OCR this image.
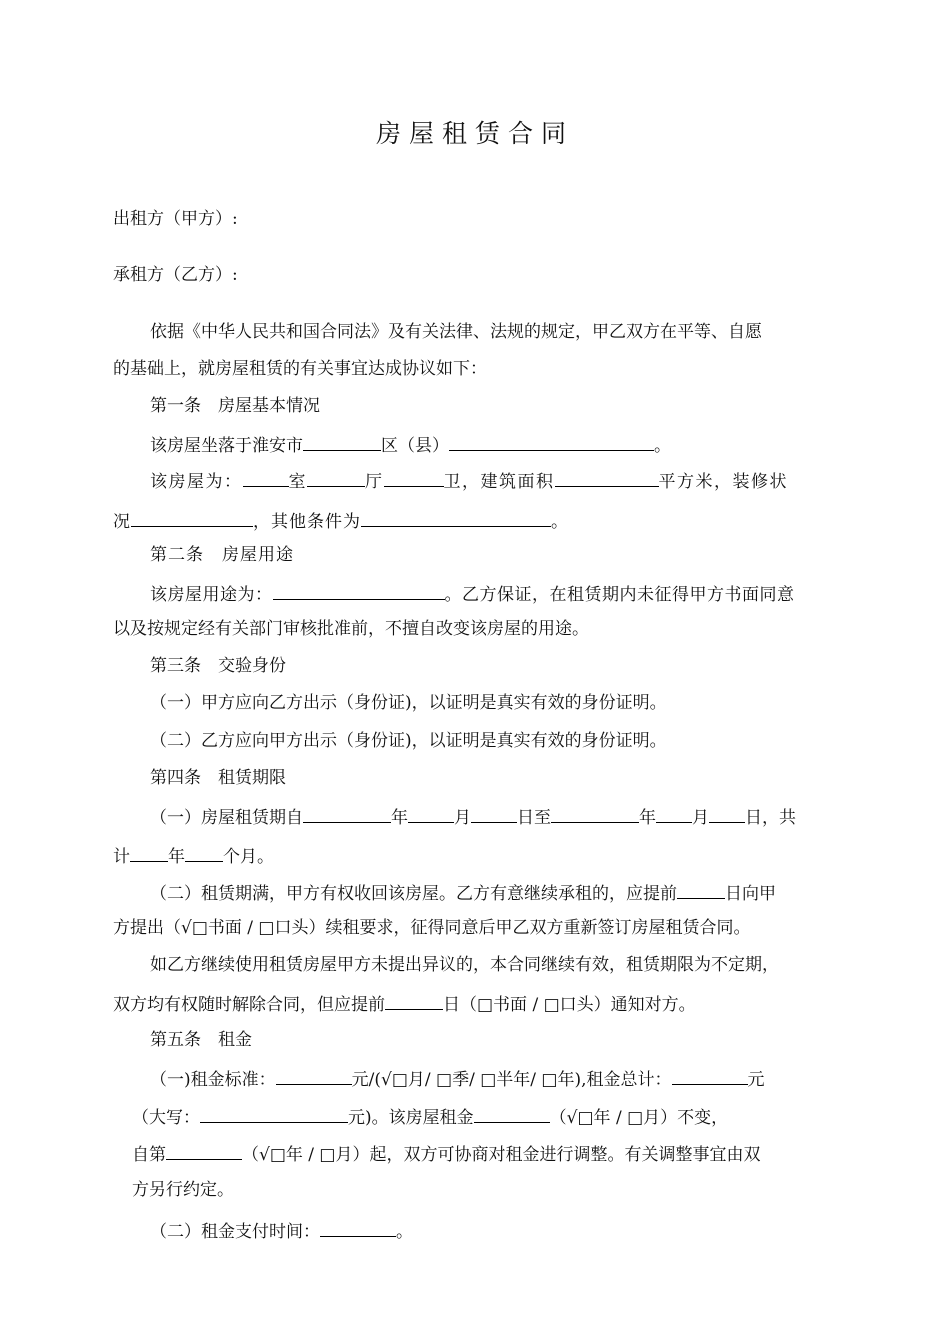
房屋租赁合同
出租方（甲方）:
承租方（乙方）:
依据《中华人民共和国合同法》及有关法律、法规的规定，甲乙双方在平等、自愿
的基础上，就房屋租赁的有关事宜达成协议如下：
第一条　房屋基本情况
该房屋坐落于淮安市	区（县）	。
该房屋为：	室	厅	卫，建筑面积	平方米，装修状
况	，其他条件为	。
第二条　房屋用途
该房屋用途为：	。乙方保证，在租赁期内未征得甲方书面同意
以及按规定经有关部门审核批准前，不擅自改变该房屋的用途。
第三条　交验身份
（一）甲方应向乙方出示（身份证)，以证明是真实有效的身份证明。
（二）乙方应向甲方出示（身份证)，以证明是真实有效的身份证明。
第四条　租赁期限
（一）房屋租赁期自	年	月	日至	年 月 日，共
计 年 个月。
（二）租赁期满，甲方有权收回该房屋。乙方有意继续承租的，应提前	日向甲
方提出（√□书面 / □口头）续租要求，征得同意后甲乙双方重新签订房屋租赁合同。
如乙方继续使用租赁房屋甲方未提出异议的，本合同继续有效，租赁期限为不定期，
双方均有权随时解除合同，但应提前	日（□书面 / □口头）通知对方。
第五条　租金
（一)租金标准：	元/(√□月/ □季/ □半年/ □年),租金总计：	元
（大写：	元)。该房屋租金	（√□年 / □月）不变，
自第	（√□年 / □月）起，双方可协商对租金进行调整。有关调整事宜由双
方另行约定。
（二）租金支付时间：	。
